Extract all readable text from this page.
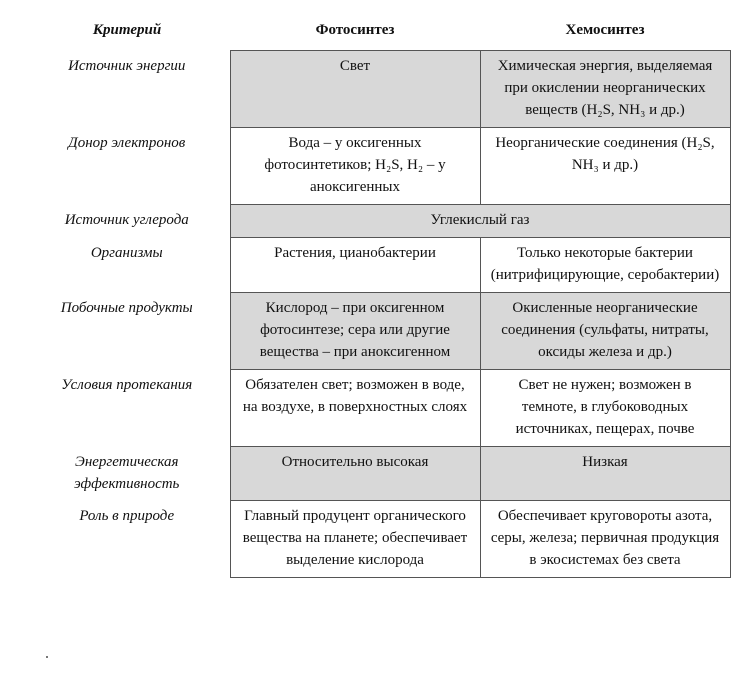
Критерий	Фотосинтез	Хемосинтез
Источник энергии	Свет	Химическая энергия, выделяемая при окислении неорганических веществ (H₂S, NH₃ и др.)
Донор электронов	Вода – у оксигенных фотосинтетиков; H₂S, H₂ – у аноксигенных	Неорганические соединения (H₂S, NH₃ и др.)
Источник углерода	Углекислый газ	
Организмы	Растения, цианобактерии	Только некоторые бактерии (нитрифицирующие, серобактерии)
Побочные продукты	Кислород – при оксигенном фотосинтезе; сера или другие вещества – при аноксигенном	Окисленные неорганические соединения (сульфаты, нитраты, оксиды железа и др.)
Условия протекания	Обязателен свет; возможен в воде, на воздухе, в поверхностных слоях	Свет не нужен; возможен в темноте, в глубоководных источниках, пещерах, почве
Энергетическая эффективность	Относительно высокая	Низкая
Роль в природе	Главный продуцент органического вещества на планете; обеспечивает выделение кислорода	Обеспечивает круговороты азота, серы, железа; первичная продукция в экосистемах без света
